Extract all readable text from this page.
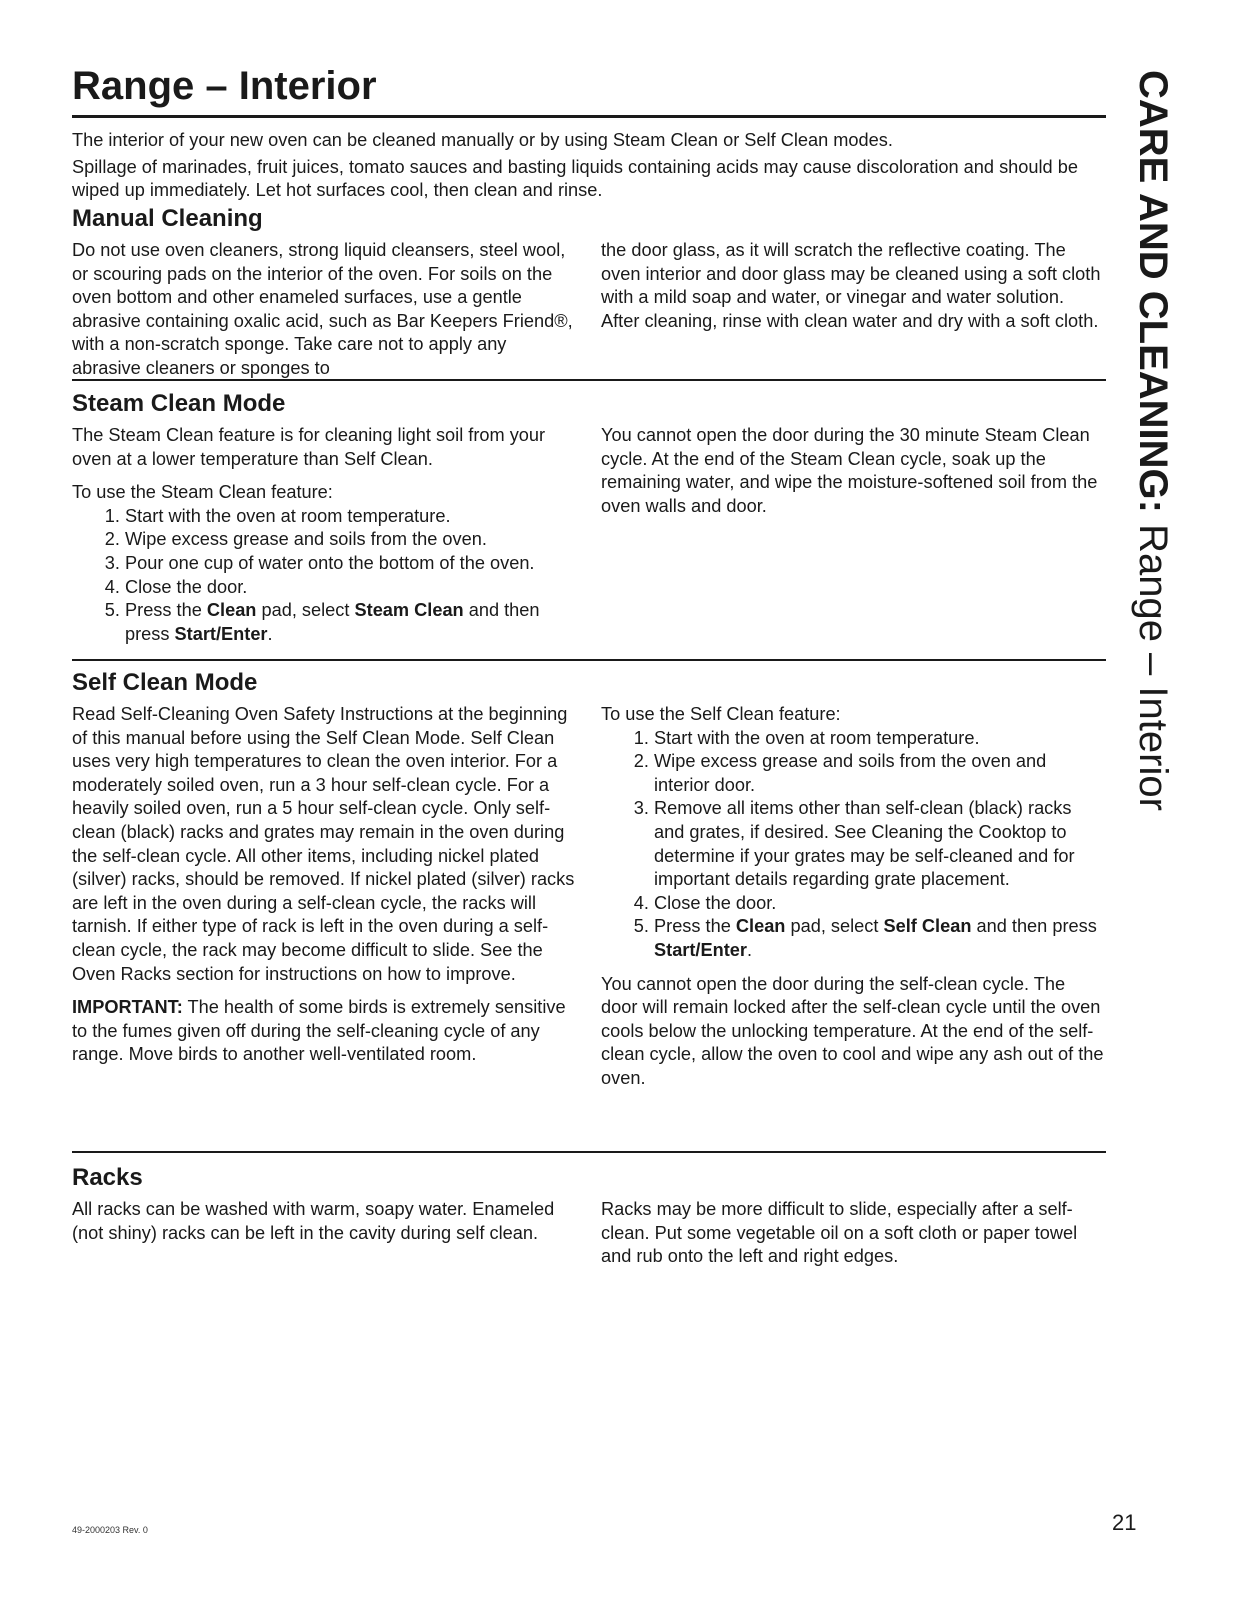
Range – Interior

The interior of your new oven can be cleaned manually or by using Steam Clean or Self Clean modes.

Spillage of marinades, fruit juices, tomato sauces and basting liquids containing acids may cause discoloration and should be wiped up immediately. Let hot surfaces cool, then clean and rinse.

Manual Cleaning

Do not use oven cleaners, strong liquid cleansers, steel wool, or scouring pads on the interior of the oven. For soils on the oven bottom and other enameled surfaces, use a gentle abrasive containing oxalic acid, such as Bar Keepers Friend®, with a non-scratch sponge. Take care not to apply any abrasive cleaners or sponges to

the door glass, as it will scratch the reflective coating. The oven interior and door glass may be cleaned using a soft cloth with a mild soap and water, or vinegar and water solution. After cleaning, rinse with clean water and dry with a soft cloth.

Steam Clean Mode

The Steam Clean feature is for cleaning light soil from your oven at a lower temperature than Self Clean.

To use the Steam Clean feature:

1. Start with the oven at room temperature.
2. Wipe excess grease and soils from the oven.
3. Pour one cup of water onto the bottom of the oven.
4. Close the door.
5. Press the Clean pad, select Steam Clean and then press Start/Enter.

You cannot open the door during the 30 minute Steam Clean cycle. At the end of the Steam Clean cycle, soak up the remaining water, and wipe the moisture-softened soil from the oven walls and door.

Self Clean Mode

Read Self-Cleaning Oven Safety Instructions at the beginning of this manual before using the Self Clean Mode. Self Clean uses very high temperatures to clean the oven interior. For a moderately soiled oven, run a 3 hour self-clean cycle. For a heavily soiled oven, run a 5 hour self-clean cycle. Only self-clean (black) racks and grates may remain in the oven during the self-clean cycle. All other items, including nickel plated (silver) racks, should be removed. If nickel plated (silver) racks are left in the oven during a self-clean cycle, the racks will tarnish. If either type of rack is left in the oven during a self-clean cycle, the rack may become difficult to slide. See the Oven Racks section for instructions on how to improve.

IMPORTANT: The health of some birds is extremely sensitive to the fumes given off during the self-cleaning cycle of any range. Move birds to another well-ventilated room.

To use the Self Clean feature:

1. Start with the oven at room temperature.
2. Wipe excess grease and soils from the oven and interior door.
3. Remove all items other than self-clean (black) racks and grates, if desired. See Cleaning the Cooktop to determine if your grates may be self-cleaned and for important details regarding grate placement.
4. Close the door.
5. Press the Clean pad, select Self Clean and then press Start/Enter.

You cannot open the door during the self-clean cycle. The door will remain locked after the self-clean cycle until the oven cools below the unlocking temperature. At the end of the self-clean cycle, allow the oven to cool and wipe any ash out of the oven.

Racks

All racks can be washed with warm, soapy water. Enameled (not shiny) racks can be left in the cavity during self clean.

Racks may be more difficult to slide, especially after a self-clean. Put some vegetable oil on a soft cloth or paper towel and rub onto the left and right edges.

CARE AND CLEANING: Range – Interior
49-2000203 Rev. 0	21
